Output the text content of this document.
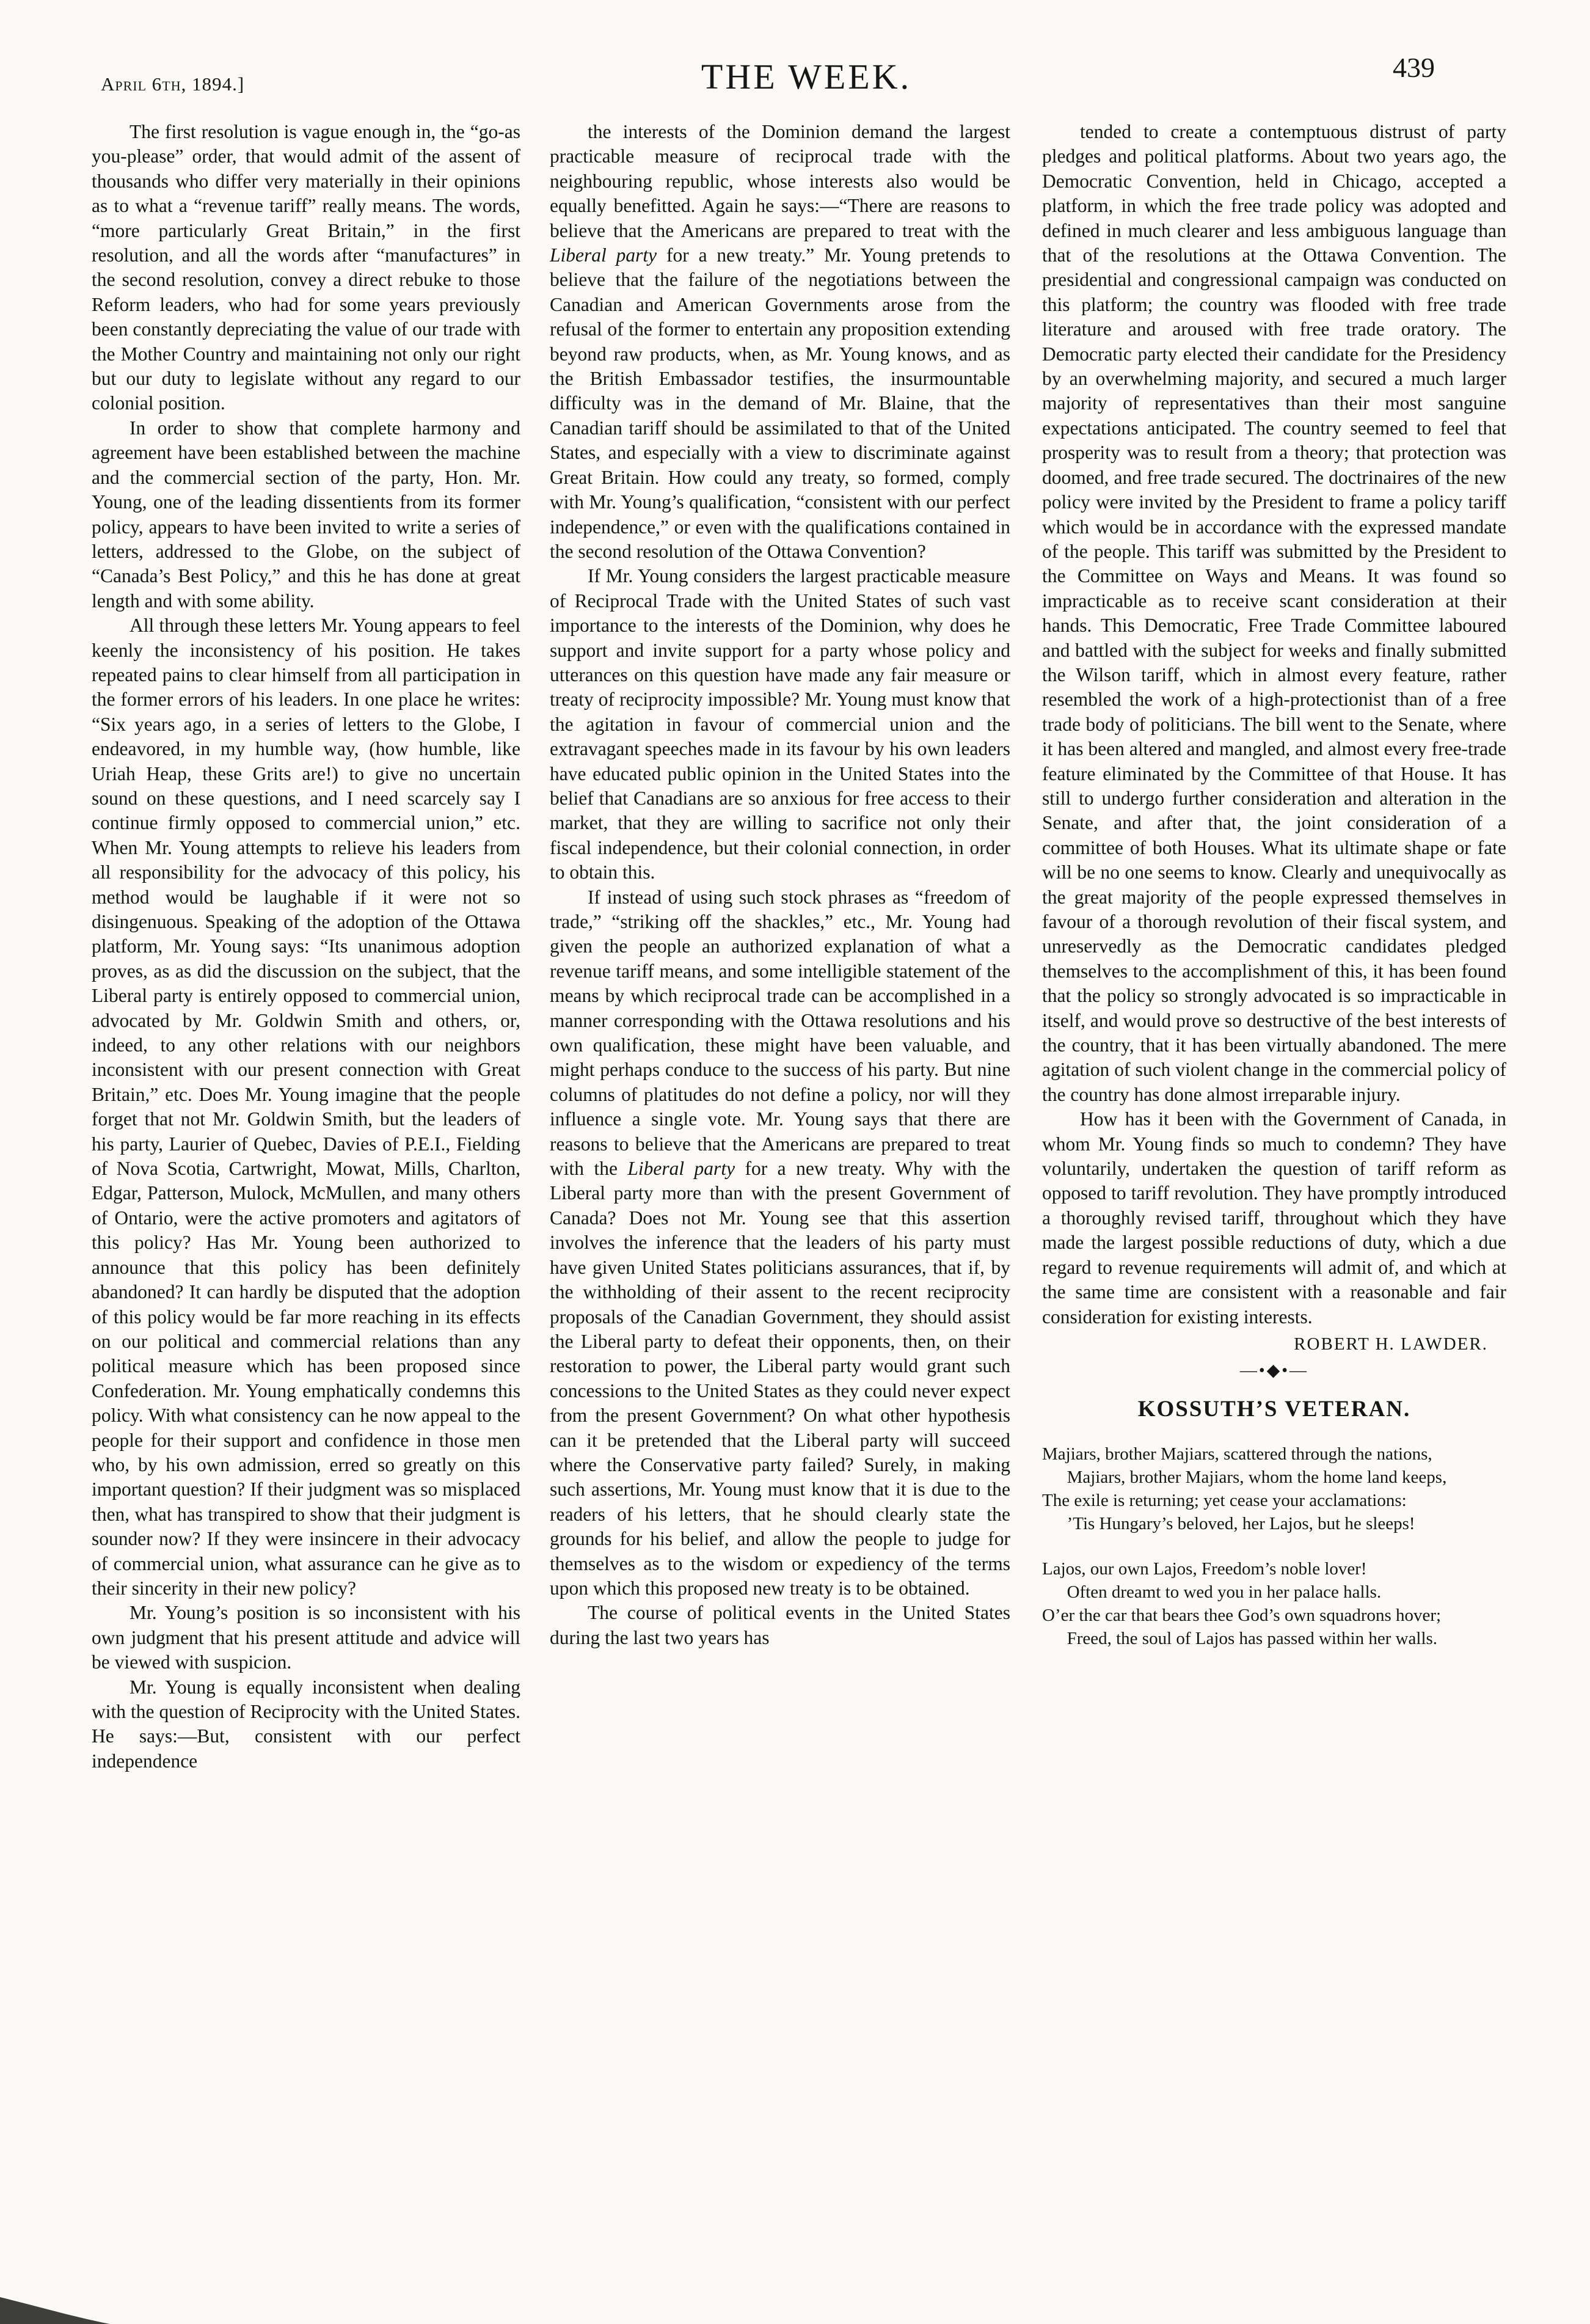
April 6th, 1894.]	THE WEEK.	439

The first resolution is vague enough in, the “go-as you-please” order, that would admit of the assent of thousands who differ very materially in their opinions as to what a “revenue tariff” really means. The words, “more particularly Great Britain,” in the first resolution, and all the words after “manufactures” in the second resolution, convey a direct rebuke to those Reform leaders, who had for some years previously been constantly depreciating the value of our trade with the Mother Country and maintaining not only our right but our duty to legislate without any regard to our colonial position.

In order to show that complete harmony and agreement have been established between the machine and the commercial section of the party, Hon. Mr. Young, one of the leading dissentients from its former policy, appears to have been invited to write a series of letters, addressed to the Globe, on the subject of “Canada’s Best Policy,” and this he has done at great length and with some ability.

All through these letters Mr. Young appears to feel keenly the inconsistency of his position. He takes repeated pains to clear himself from all participation in the former errors of his leaders. In one place he writes: “Six years ago, in a series of letters to the Globe, I endeavored, in my humble way, (how humble, like Uriah Heap, these Grits are!) to give no uncertain sound on these questions, and I need scarcely say I continue firmly opposed to commercial union,” etc. When Mr. Young attempts to relieve his leaders from all responsibility for the advocacy of this policy, his method would be laughable if it were not so disingenuous. Speaking of the adoption of the Ottawa platform, Mr. Young says: “Its unanimous adoption proves, as as did the discussion on the subject, that the Liberal party is entirely opposed to commercial union, advocated by Mr. Goldwin Smith and others, or, indeed, to any other relations with our neighbors inconsistent with our present connection with Great Britain,” etc. Does Mr. Young imagine that the people forget that not Mr. Goldwin Smith, but the leaders of his party, Laurier of Quebec, Davies of P.E.I., Fielding of Nova Scotia, Cartwright, Mowat, Mills, Charlton, Edgar, Patterson, Mulock, McMullen, and many others of Ontario, were the active promoters and agitators of this policy? Has Mr. Young been authorized to announce that this policy has been definitely abandoned? It can hardly be disputed that the adoption of this policy would be far more reaching in its effects on our political and commercial relations than any political measure which has been proposed since Confederation. Mr. Young emphatically condemns this policy. With what consistency can he now appeal to the people for their support and confidence in those men who, by his own admission, erred so greatly on this important question? If their judgment was so misplaced then, what has transpired to show that their judgment is sounder now? If they were insincere in their advocacy of commercial union, what assurance can he give as to their sincerity in their new policy?

Mr. Young’s position is so inconsistent with his own judgment that his present attitude and advice will be viewed with suspicion.

Mr. Young is equally inconsistent when dealing with the question of Reciprocity with the United States. He says:—But, consistent with our perfect independence

the interests of the Dominion demand the largest practicable measure of reciprocal trade with the neighbouring republic, whose interests also would be equally benefitted. Again he says:—“There are reasons to believe that the Americans are prepared to treat with the Liberal party for a new treaty.” Mr. Young pretends to believe that the failure of the negotiations between the Canadian and American Governments arose from the refusal of the former to entertain any proposition extending beyond raw products, when, as Mr. Young knows, and as the British Embassador testifies, the insurmountable difficulty was in the demand of Mr. Blaine, that the Canadian tariff should be assimilated to that of the United States, and especially with a view to discriminate against Great Britain. How could any treaty, so formed, comply with Mr. Young’s qualification, “consistent with our perfect independence,” or even with the qualifications contained in the second resolution of the Ottawa Convention?

If Mr. Young considers the largest practicable measure of Reciprocal Trade with the United States of such vast importance to the interests of the Dominion, why does he support and invite support for a party whose policy and utterances on this question have made any fair measure or treaty of reciprocity impossible? Mr. Young must know that the agitation in favour of commercial union and the extravagant speeches made in its favour by his own leaders have educated public opinion in the United States into the belief that Canadians are so anxious for free access to their market, that they are willing to sacrifice not only their fiscal independence, but their colonial connection, in order to obtain this.

If instead of using such stock phrases as “freedom of trade,” “striking off the shackles,” etc., Mr. Young had given the people an authorized explanation of what a revenue tariff means, and some intelligible statement of the means by which reciprocal trade can be accomplished in a manner corresponding with the Ottawa resolutions and his own qualification, these might have been valuable, and might perhaps conduce to the success of his party. But nine columns of platitudes do not define a policy, nor will they influence a single vote. Mr. Young says that there are reasons to believe that the Americans are prepared to treat with the Liberal party for a new treaty. Why with the Liberal party more than with the present Government of Canada? Does not Mr. Young see that this assertion involves the inference that the leaders of his party must have given United States politicians assurances, that if, by the withholding of their assent to the recent reciprocity proposals of the Canadian Government, they should assist the Liberal party to defeat their opponents, then, on their restoration to power, the Liberal party would grant such concessions to the United States as they could never expect from the present Government? On what other hypothesis can it be pretended that the Liberal party will succeed where the Conservative party failed? Surely, in making such assertions, Mr. Young must know that it is due to the readers of his letters, that he should clearly state the grounds for his belief, and allow the people to judge for themselves as to the wisdom or expediency of the terms upon which this proposed new treaty is to be obtained.

The course of political events in the United States during the last two years has

tended to create a contemptuous distrust of party pledges and political platforms. About two years ago, the Democratic Convention, held in Chicago, accepted a platform, in which the free trade policy was adopted and defined in much clearer and less ambiguous language than that of the resolutions at the Ottawa Convention. The presidential and congressional campaign was conducted on this platform; the country was flooded with free trade literature and aroused with free trade oratory. The Democratic party elected their candidate for the Presidency by an overwhelming majority, and secured a much larger majority of representatives than their most sanguine expectations anticipated. The country seemed to feel that prosperity was to result from a theory; that protection was doomed, and free trade secured. The doctrinaires of the new policy were invited by the President to frame a policy tariff which would be in accordance with the expressed mandate of the people. This tariff was submitted by the President to the Committee on Ways and Means. It was found so impracticable as to receive scant consideration at their hands. This Democratic, Free Trade Committee laboured and battled with the subject for weeks and finally submitted the Wilson tariff, which in almost every feature, rather resembled the work of a high-protectionist than of a free trade body of politicians. The bill went to the Senate, where it has been altered and mangled, and almost every free-trade feature eliminated by the Committee of that House. It has still to undergo further consideration and alteration in the Senate, and after that, the joint consideration of a committee of both Houses. What its ultimate shape or fate will be no one seems to know. Clearly and unequivocally as the great majority of the people expressed themselves in favour of a thorough revolution of their fiscal system, and unreservedly as the Democratic candidates pledged themselves to the accomplishment of this, it has been found that the policy so strongly advocated is so impracticable in itself, and would prove so destructive of the best interests of the country, that it has been virtually abandoned. The mere agitation of such violent change in the commercial policy of the country has done almost irreparable injury.

How has it been with the Government of Canada, in whom Mr. Young finds so much to condemn? They have voluntarily, undertaken the question of tariff reform as opposed to tariff revolution. They have promptly introduced a thoroughly revised tariff, throughout which they have made the largest possible reductions of duty, which a due regard to revenue requirements will admit of, and which at the same time are consistent with a reasonable and fair consideration for existing interests.

ROBERT H. LAWDER.
—•◆•—
KOSSUTH’S VETERAN.
Majiars, brother Majiars, scattered through the nations,
Majiars, brother Majiars, whom the home land keeps,
The exile is returning; yet cease your acclamations:
’Tis Hungary’s beloved, her Lajos, but he sleeps!
Lajos, our own Lajos, Freedom’s noble lover!
Often dreamt to wed you in her palace halls.
O’er the car that bears thee God’s own squadrons hover;
Freed, the soul of Lajos has passed within her walls.
